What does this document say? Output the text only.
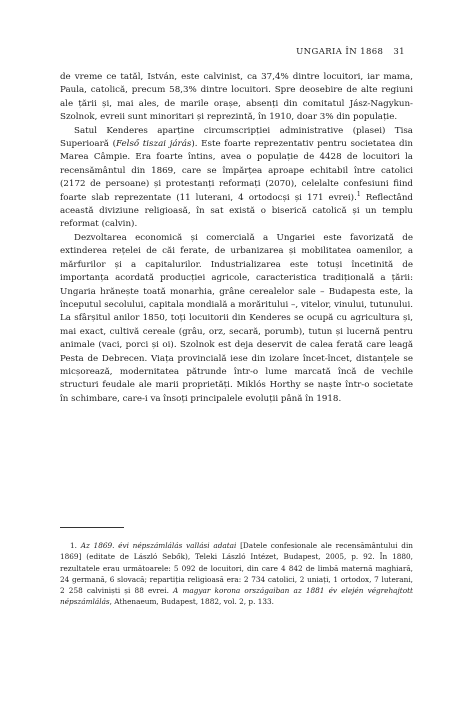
UNGARIA ÎN 1868 31

de vreme ce tatăl, István, este calvinist, ca 37,4% dintre locuitori, iar mama, Paula, catolică, precum 58,3% dintre locuitori. Spre deosebire de alte regiuni ale țării și, mai ales, de marile orașe, absenți din comitatul Jász-Nagykun-Szolnok, evreii sunt minoritari și reprezintă, în 1910, doar 3% din populație.

Satul Kenderes aparține circumscripției administrative (plasei) Tisa Superioară (Felső tiszai járás). Este foarte reprezentativ pentru societatea din Marea Câmpie. Era foarte întins, avea o populație de 4428 de locuitori la recensământul din 1869, care se împărțea aproape echitabil între catolici (2172 de persoane) și protestanți reformați (2070), celelalte confesiuni fiind foarte slab reprezentate (11 luterani, 4 ortodocși și 171 evrei).$^1$ Reflectând această diviziune religioasă, în sat există o biserică catolică și un templu reformat (calvin).

Dezvoltarea economică și comercială a Ungariei este favorizată de extinderea rețelei de căi ferate, de urbanizarea și mobilitatea oamenilor, a mărfurilor și a capitalurilor. Industrializarea este totuși încetinită de importanța acordată producției agricole, caracteristica tradițională a țării: Ungaria hrănește toată monarhia, grâne cerealelor sale – Budapesta este, la începutul secolului, capitala mondială a morăritului –, vitelor, vinului, tutunului. La sfârșitul anilor 1850, toți locuitorii din Kenderes se ocupă cu agricultura și, mai exact, cultivă cereale (grâu, orz, secară, porumb), tutun și lucernă pentru animale (vaci, porci și oi). Szolnok est deja deservit de calea ferată care leagă Pesta de Debrecen. Viața provincială iese din izolare încet-încet, distanțele se micșorează, modernitatea pătrunde într-o lume marcată încă de vechile structuri feudale ale marii proprietăți. Miklós Horthy se naște într-o societate în schimbare, care-i va însoți principalele evoluții până în 1918.

1. Az 1869. évi népszámlálás vallási adatai [Datele confesionale ale recensământului din 1869] (editate de László Sebők), Teleki László Intézet, Budapest, 2005, p. 92. În 1880, rezultatele erau următoarele: 5 092 de locuitori, din care 4 842 de limbă maternă maghiară, 24 germană, 6 slovacă; repartiția religioasă era: 2 734 catolici, 2 uniați, 1 ortodox, 7 luterani, 2 258 calviniști și 88 evrei. A magyar korona országaiban az 1881 év elején végrehajtott népszámlálás, Athenaeum, Budapest, 1882, vol. 2, p. 133.
